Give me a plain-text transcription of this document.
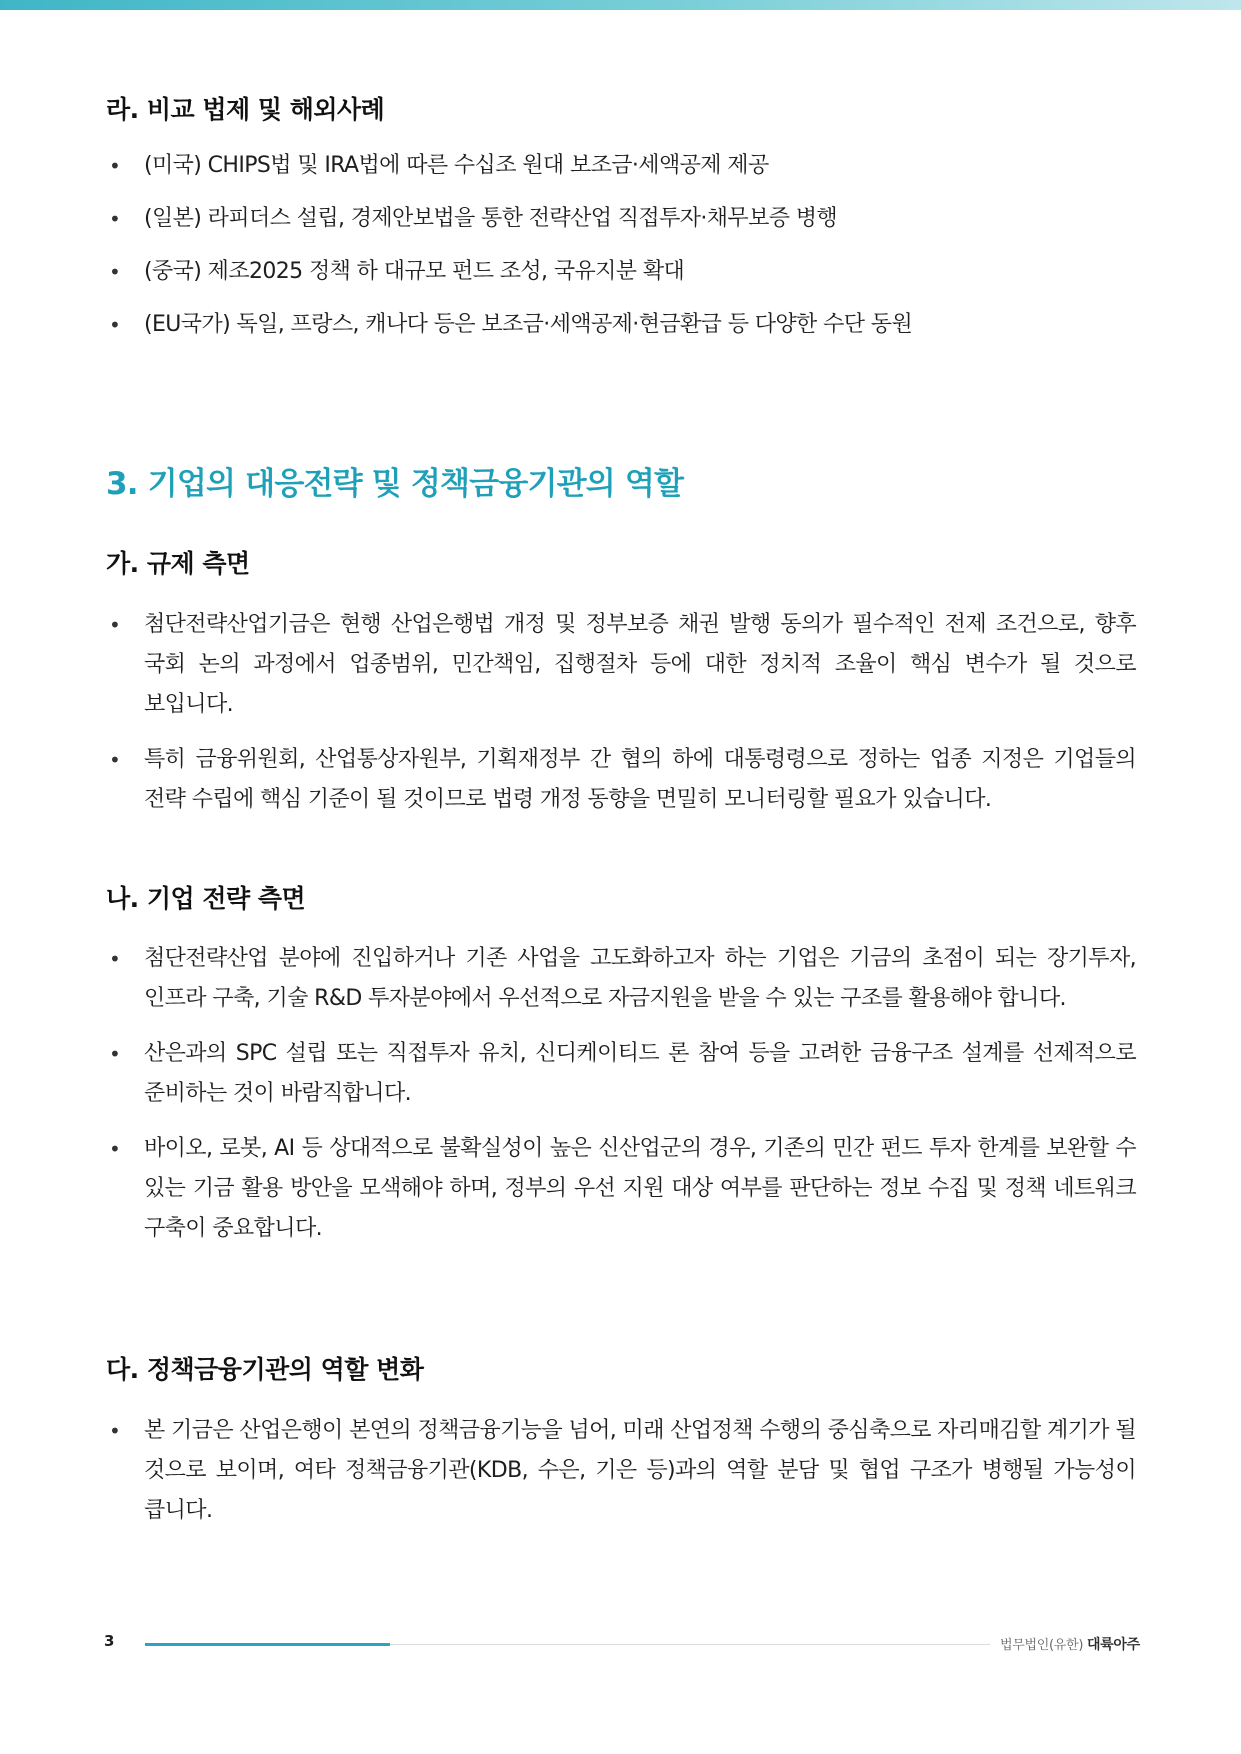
라. 비교 법제 및 해외사례
• (미국) CHIPS법 및 IRA법에 따른 수십조 원대 보조금·세액공제 제공
• (일본) 라피더스 설립, 경제안보법을 통한 전략산업 직접투자·채무보증 병행
• (중국) 제조2025 정책 하 대규모 펀드 조성, 국유지분 확대
• (EU국가) 독일, 프랑스, 캐나다 등은 보조금·세액공제·현금환급 등 다양한 수단 동원
3. 기업의 대응전략 및 정책금융기관의 역할
가. 규제 측면
• 첨단전략산업기금은 현행 산업은행법 개정 및 정부보증 채권 발행 동의가 필수적인 전제 조건으로, 향후 국회 논의 과정에서 업종범위, 민간책임, 집행절차 등에 대한 정치적 조율이 핵심 변수가 될 것으로 보입니다.
• 특히 금융위원회, 산업통상자원부, 기획재정부 간 협의 하에 대통령령으로 정하는 업종 지정은 기업들의 전략 수립에 핵심 기준이 될 것이므로 법령 개정 동향을 면밀히 모니터링할 필요가 있습니다.
나. 기업 전략 측면
• 첨단전략산업 분야에 진입하거나 기존 사업을 고도화하고자 하는 기업은 기금의 초점이 되는 장기투자, 인프라 구축, 기술 R&D 투자분야에서 우선적으로 자금지원을 받을 수 있는 구조를 활용해야 합니다.
• 산은과의 SPC 설립 또는 직접투자 유치, 신디케이티드 론 참여 등을 고려한 금융구조 설계를 선제적으로 준비하는 것이 바람직합니다.
• 바이오, 로봇, AI 등 상대적으로 불확실성이 높은 신산업군의 경우, 기존의 민간 펀드 투자 한계를 보완할 수 있는 기금 활용 방안을 모색해야 하며, 정부의 우선 지원 대상 여부를 판단하는 정보 수집 및 정책 네트워크 구축이 중요합니다.
다. 정책금융기관의 역할 변화
• 본 기금은 산업은행이 본연의 정책금융기능을 넘어, 미래 산업정책 수행의 중심축으로 자리매김할 계기가 될 것으로 보이며, 여타 정책금융기관(KDB, 수은, 기은 등)과의 역할 분담 및 협업 구조가 병행될 가능성이 큽니다.
3	법무법인(유한) 대륙아주
